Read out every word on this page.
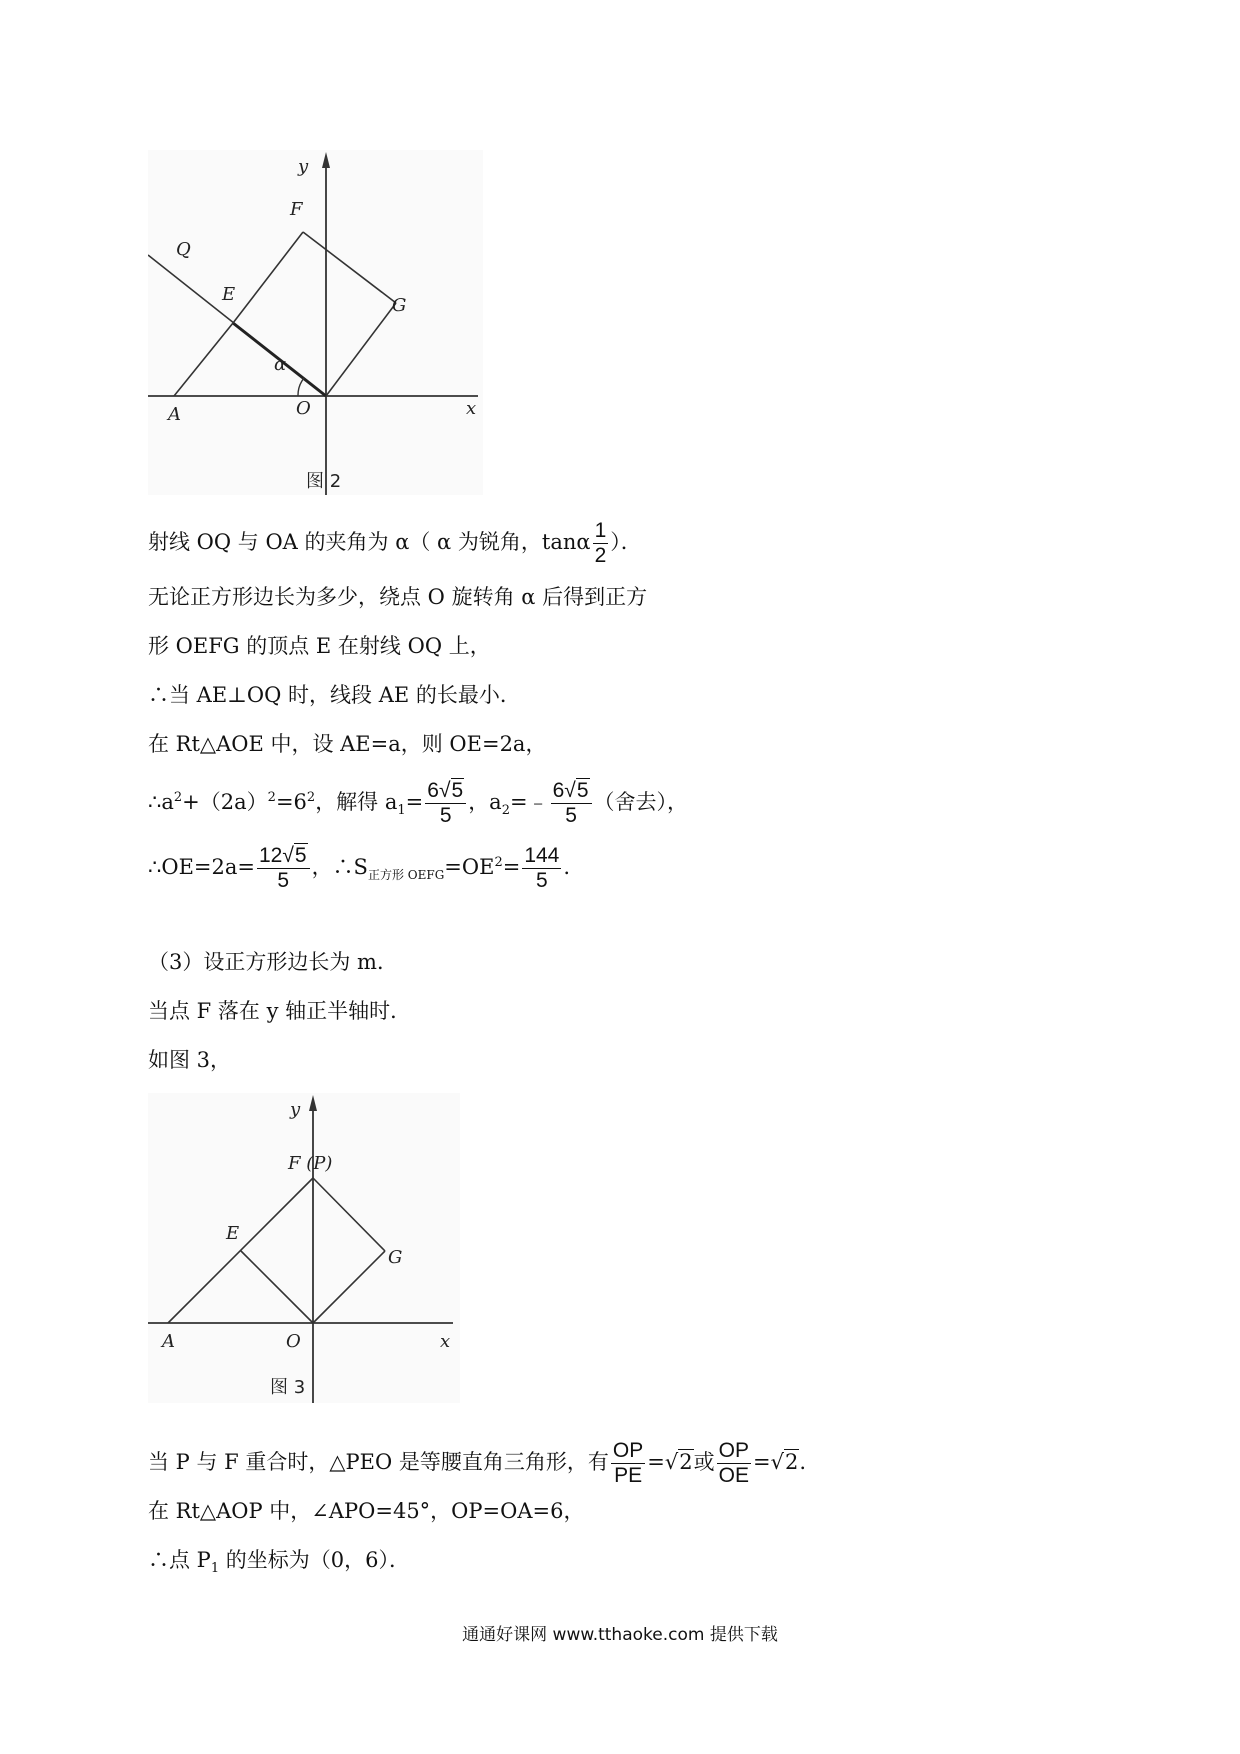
y
F
Q
E
G
α
A	O	x
图 2
射线 OQ 与 OA 的夹角为 α（ α 为锐角，tanα $\frac{1}{2}$ ）．
无论正方形边长为多少，绕点 O 旋转角 α 后得到正方
形 OEFG 的顶点 E 在射线 OQ 上，
∴当 AE⊥OQ 时，线段 AE 的长最小．
在 Rt△AOE 中，设 AE=a，则 OE=2a，
$\therefore a^2+(2a)^2=6^2$，解得 $a_1= \frac{6√5}{5}$ ，$a_2=﹣ \frac{6√5}{5}$ （舍去），
∴OE=2a= $\frac{12√5}{5}$ ，$\therefore S_{正方形 OEFG}=OE^2= \frac{144}{5}$ .
（3）设正方形边长为 m．
当点 F 落在 y 轴正半轴时．
如图 3，
y
F (P)
E
G
A	O	x
图 3
当 P 与 F 重合时，△PEO 是等腰直角三角形，有 $\frac{OP}{PE} =√2$或 $\frac{OP}{OE} =√2$.
在 Rt△AOP 中，∠APO=45°，OP=OA=6，
∴点 $P_1$ 的坐标为（0，6）．
通通好课网 www.tthaoke.com 提供下载
